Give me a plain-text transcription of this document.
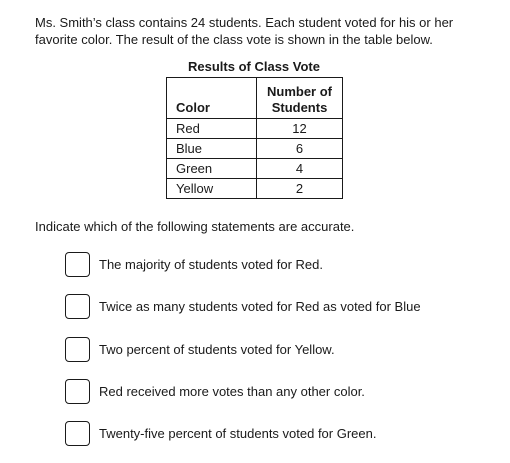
Ms. Smith’s class contains 24 students. Each student voted for his or her favorite color. The result of the class vote is shown in the table below.

Results of Class Vote

Color	Number of
Students
Red	12
Blue	6
Green	4
Yellow	2

Indicate which of the following statements are accurate.

The majority of students voted for Red.
Twice as many students voted for Red as voted for Blue
Two percent of students voted for Yellow.
Red received more votes than any other color.
Twenty-five percent of students voted for Green.
